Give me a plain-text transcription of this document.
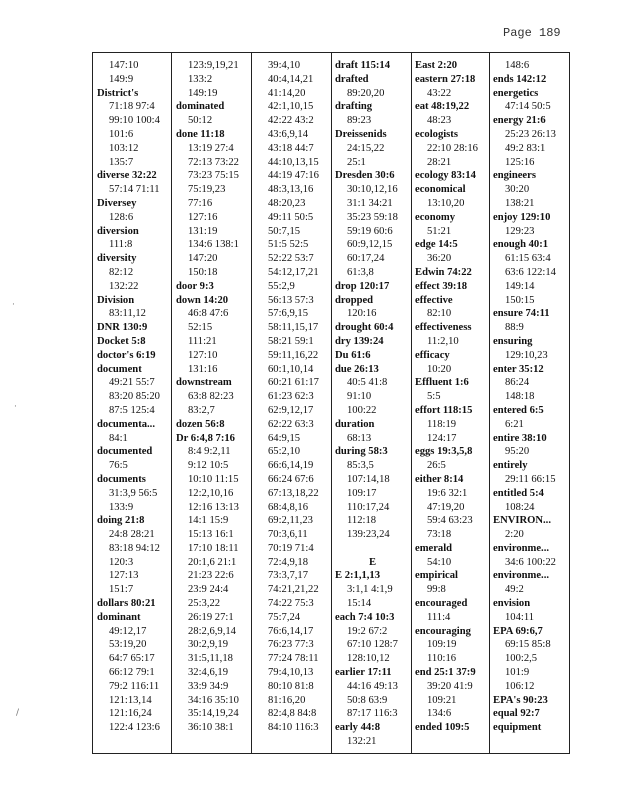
Page 189
147:10
149:9
District's
71:18 97:4
99:10 100:4
101:6
103:12
135:7
diverse 32:22
57:14 71:11
Diversey
128:6
diversion
111:8
diversity
82:12
132:22
Division
83:11,12
DNR 130:9
Docket 5:8
doctor's 6:19
document
49:21 55:7
83:20 85:20
87:5 125:4
documenta...
84:1
documented
76:5
documents
31:3,9 56:5
133:9
doing 21:8
24:8 28:21
83:18 94:12
120:3
127:13
151:7
dollars 80:21
dominant
49:12,17
53:19,20
64:7 65:17
66:12 79:1
79:2 116:11
121:13,14
121:16,24
122:4 123:6
123:9,19,21
133:2
149:19
dominated
50:12
done 11:18
13:19 27:4
72:13 73:22
73:23 75:15
75:19,23
77:16
127:16
131:19
134:6 138:1
147:20
150:18
door 9:3
down 14:20
46:8 47:6
52:15
111:21
127:10
131:16
downstream
63:8 82:23
83:2,7
dozen 56:8
Dr 6:4,8 7:16
8:4 9:2,11
9:12 10:5
10:10 11:15
12:2,10,16
12:16 13:13
14:1 15:9
15:13 16:1
17:10 18:11
20:1,6 21:1
21:23 22:6
23:9 24:4
25:3,22
26:19 27:1
28:2,6,9,14
30:2,9,19
31:5,11,18
32:4,6,19
33:9 34:9
34:16 35:10
35:14,19,24
36:10 38:1
39:4,10
40:4,14,21
41:14,20
42:1,10,15
42:22 43:2
43:6,9,14
43:18 44:7
44:10,13,15
44:19 47:16
48:3,13,16
48:20,23
49:11 50:5
50:7,15
51:5 52:5
52:22 53:7
54:12,17,21
55:2,9
56:13 57:3
57:6,9,15
58:11,15,17
58:21 59:1
59:11,16,22
60:1,10,14
60:21 61:17
61:23 62:3
62:9,12,17
62:22 63:3
64:9,15
65:2,10
66:6,14,19
66:24 67:6
67:13,18,22
68:4,8,16
69:2,11,23
70:3,6,11
70:19 71:4
72:4,9,18
73:3,7,17
74:21,21,22
74:22 75:3
75:7,24
76:6,14,17
76:23 77:3
77:24 78:11
79:4,10,13
80:10 81:8
81:16,20
82:4,8 84:8
84:10 116:3
draft 115:14
drafted
89:20,20
drafting
89:23
Dreissenids
24:15,22
25:1
Dresden 30:6
30:10,12,16
31:1 34:21
35:23 59:18
59:19 60:6
60:9,12,15
60:17,24
61:3,8
drop 120:17
dropped
120:16
drought 60:4
dry 139:24
Du 61:6
due 26:13
40:5 41:8
91:10
100:22
duration
68:13
during 58:3
85:3,5
107:14,18
109:17
110:17,24
112:18
139:23,24
E
E 2:1,1,13
3:1,1 4:1,9
15:14
each 7:4 10:3
19:2 67:2
67:10 128:7
128:10,12
earlier 17:11
44:16 49:13
50:8 63:9
87:17 116:3
early 44:8
132:21
East 2:20
eastern 27:18
43:22
eat 48:19,22
48:23
ecologists
22:10 28:16
28:21
ecology 83:14
economical
13:10,20
economy
51:21
edge 14:5
36:20
Edwin 74:22
effect 39:18
effective
82:10
effectiveness
11:2,10
efficacy
10:20
Effluent 1:6
5:5
effort 118:15
118:19
124:17
eggs 19:3,5,8
26:5
either 8:14
19:6 32:1
47:19,20
59:4 63:23
73:18
emerald
54:10
empirical
99:8
encouraged
111:4
encouraging
109:19
110:16
end 25:1 37:9
39:20 41:9
109:21
134:6
ended 109:5
148:6
ends 142:12
energetics
47:14 50:5
energy 21:6
25:23 26:13
49:2 83:1
125:16
engineers
30:20
138:21
enjoy 129:10
129:23
enough 40:1
61:15 63:4
63:6 122:14
149:14
150:15
ensure 74:11
88:9
ensuring
129:10,23
enter 35:12
86:24
148:18
entered 6:5
6:21
entire 38:10
95:20
entirely
29:11 66:15
entitled 5:4
108:24
ENVIRON...
2:20
environme...
34:6 100:22
environme...
49:2
envision
104:11
EPA 69:6,7
69:15 85:8
100:2,5
101:9
106:12
EPA's 90:23
equal 92:7
equipment
·
·
/
